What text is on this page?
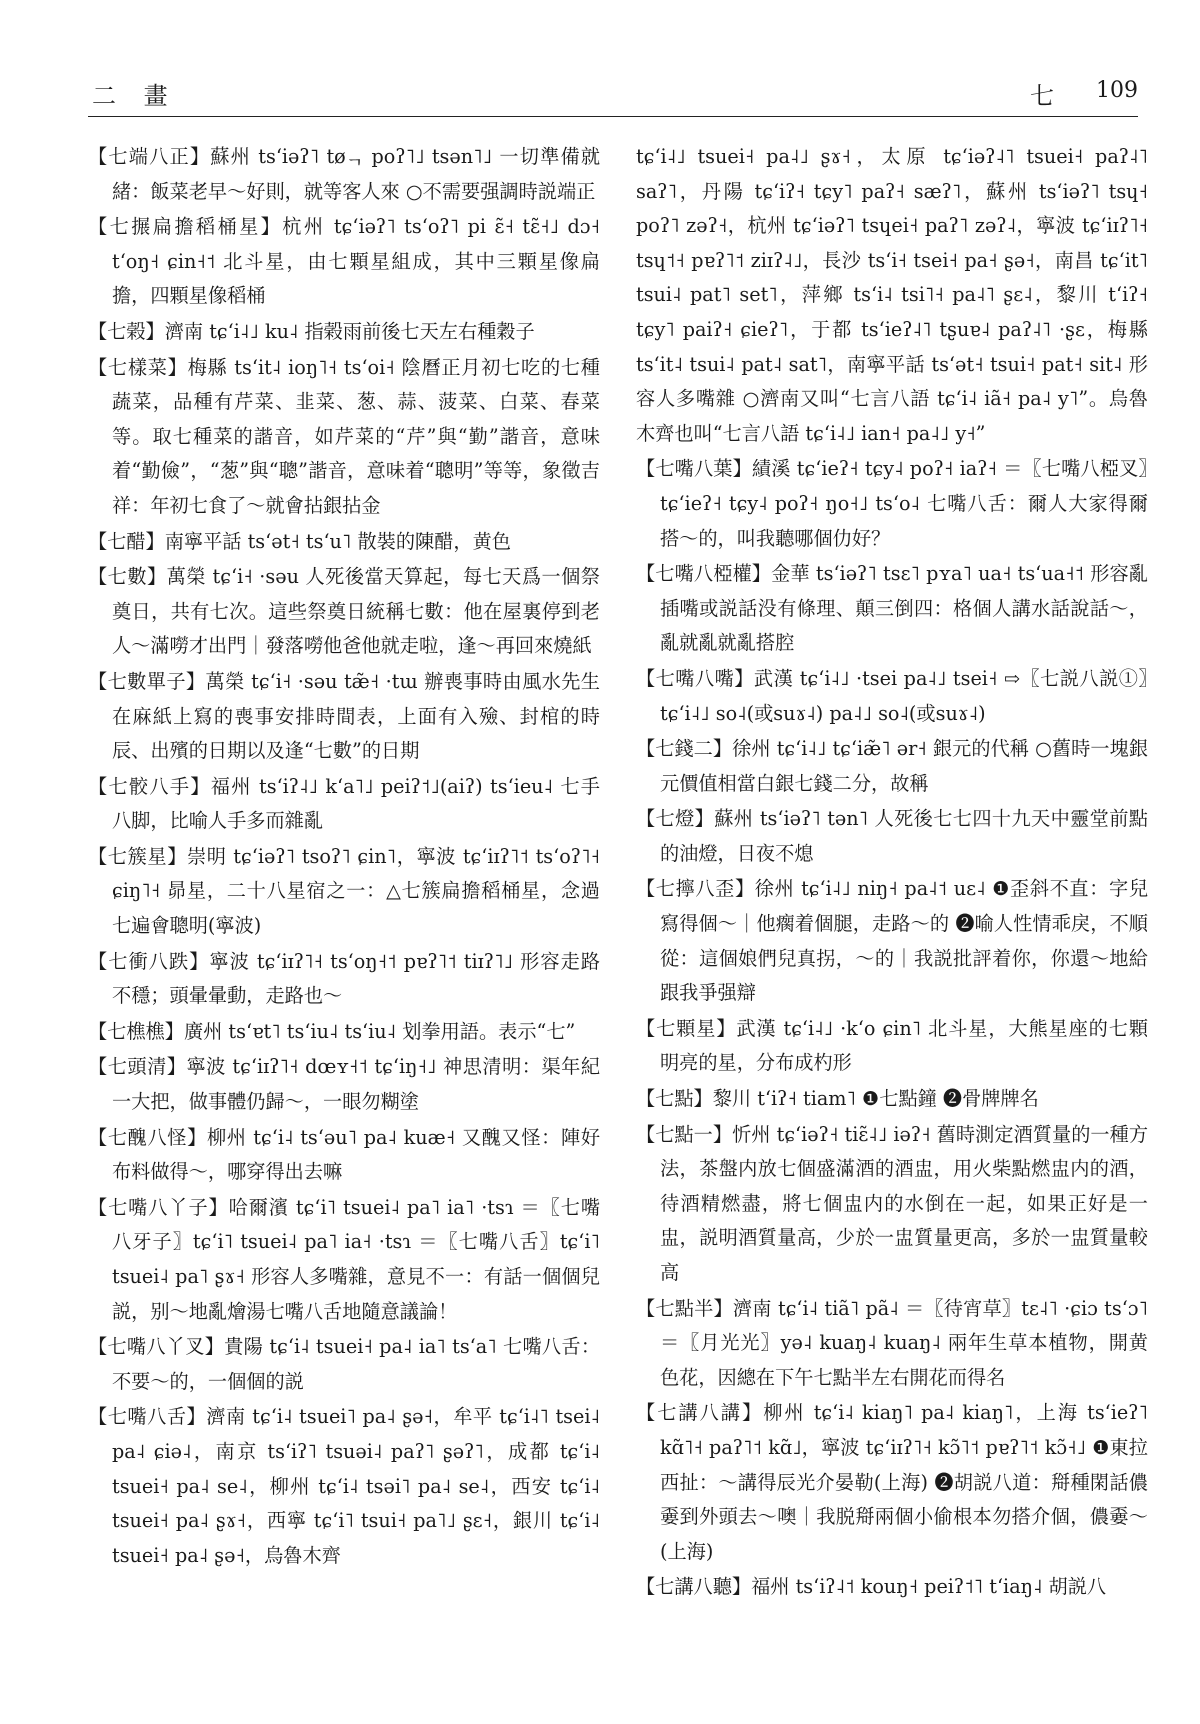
二 畫	七 109

【七端八正】蘇州 tsʻiəʔ˥ tøᆨ poʔ˥˩ tsən˥˩ 一切準備就緒：飯菜老早～好則，就等客人來 ○不需要强調時説端正

【七搌扁擔稻桶星】杭州 tɕʻiəʔ˥ tsʻoʔ˥ pi ɛ̃˧ tɛ̃˧˩ dɔ˧ tʻoŋ˧ ɕin˧˦ 北斗星，由七顆星組成，其中三顆星像扁擔，四顆星像稻桶

【七榖】濟南 tɕʻi˨˩ ku˨ 指榖雨前後七天左右種穀子

【七樣菜】梅縣 tsʻit˨ ioŋ˥˧ tsʻoi˧ 陰曆正月初七吃的七種蔬菜，品種有芹菜、韭菜、葱、蒜、菠菜、白菜、春菜等。取七種菜的諧音，如芹菜的“芹”與“勤”諧音，意味着“勤儉”，“葱”與“聰”諧音，意味着“聰明”等等，象徵吉祥：年初七食了～就會拈銀拈金

【七醋】南寧平話 tsʻət˧ tsʻu˥ 散裝的陳醋，黄色

【七數】萬榮 tɕʻi˧ ·səu 人死後當天算起，每七天爲一個祭奠日，共有七次。這些祭奠日統稱七數：他在屋裏停到老人～滿嘮才出門｜發落嘮他爸他就走啦，逢～再回來燒紙

【七數單子】萬榮 tɕʻi˧ ·səu tæ̃˧ ·tɯ 辦喪事時由風水先生在麻紙上寫的喪事安排時間表，上面有入殮、封棺的時辰、出殯的日期以及逢“七數”的日期

【七骹八手】福州 tsʻiʔ˨˩ kʻa˥˩ peiʔ˦˩(aiʔ) tsʻieu˨ 七手八脚，比喻人手多而雜亂

【七簇星】崇明 tɕʻiəʔ˥ tsoʔ˥ ɕin˥，寧波 tɕʻiɪʔ˥˦ tsʻoʔ˥˧ ɕiŋ˥˧ 昴星，二十八星宿之一：△七簇扁擔稻桶星，念過七遍會聰明(寧波)

【七衝八跌】寧波 tɕʻiɪʔ˥˧ tsʻoŋ˧˦ pɐʔ˥˦ tiɪʔ˥˩ 形容走路不穩；頭暈暈動，走路也～

【七樵樵】廣州 tsʻɐt˥ tsʻiu˨ tsʻiu˨ 划拳用語。表示“七”

【七頭清】寧波 tɕʻiɪʔ˥˧ dœʏ˧˦ tɕʻiŋ˧˩ 神思清明：渠年紀一大把，做事體仍歸～，一眼勿糊塗

【七醜八怪】柳州 tɕʻi˨ tsʻəu˥ pa˨ kuæ˧ 又醜又怪：陣好布料做得～，哪穿得出去嘛

【七嘴八丫子】哈爾濱 tɕʻi˥ tsuei˨ pa˥ ia˥ ·tsɿ ＝〖七嘴八牙子〗tɕʻi˥ tsuei˨ pa˥ ia˧ ·tsɿ ＝〖七嘴八舌〗tɕʻi˥ tsuei˨ pa˥ ʂɤ˧ 形容人多嘴雜，意見不一：有話一個個兒説，别～地亂燴湯七嘴八舌地隨意議論！

【七嘴八丫叉】貴陽 tɕʻi˨ tsuei˧ pa˨ ia˥ tsʻa˥ 七嘴八舌：不要～的，一個個的説

【七嘴八舌】濟南 tɕʻi˨ tsuei˥ pa˨ ʂə˧，牟平 tɕʻi˨˥ tsei˨ pa˨ ɕiə˨，南京 tsʻiʔ˥ tsuəi˨ paʔ˥ ʂəʔ˥，成都 tɕʻi˨ tsuei˧ pa˨ se˨，柳州 tɕʻi˨ tsəi˥ pa˨ se˨，西安 tɕʻi˨ tsuei˧ pa˨ ʂɤ˧，西寧 tɕʻi˥ tsui˧ pa˥˩ ʂɛ˧，銀川 tɕʻi˨ tsuei˧ pa˨ ʂə˧，烏魯木齊

tɕʻi˨˩ tsuei˧ pa˨˩ ʂɤ˧，太原 tɕʻiəʔ˨˥ tsuei˧ paʔ˨˥ saʔ˥，丹陽 tɕʻiʔ˧ tɕy˥ paʔ˧ sæʔ˥，蘇州 tsʻiəʔ˥ tsɥ˧ poʔ˥ zəʔ˧，杭州 tɕʻiəʔ˥ tsɥei˧ paʔ˥ zəʔ˨，寧波 tɕʻiɪʔ˥˧ tsɥ˦˧ pɐʔ˥˦ ziɪʔ˨˩，長沙 tsʻi˧ tsei˧ pa˧ ʂə˧，南昌 tɕʻit˥ tsui˨ pat˥ set˥，萍鄉 tsʻi˨ tsi˥˧ pa˨˥ ʂɛ˨，黎川 tʻiʔ˧ tɕy˥ paiʔ˧ ɕieʔ˥，于都 tsʻieʔ˨˥ tʂuɐ˨ paʔ˨˥ ·ʂɛ，梅縣 tsʻit˨ tsui˨ pat˨ sat˥，南寧平話 tsʻət˧ tsui˧ pat˧ sit˨ 形容人多嘴雜 ○濟南又叫“七言八語 tɕʻi˨ iã˧ pa˨ y˥”。烏魯木齊也叫“七言八語 tɕʻi˨˩ ian˧ pa˨˩ y˧”

【七嘴八葉】績溪 tɕʻieʔ˧ tɕy˨ poʔ˧ iaʔ˧ ＝〖七嘴八椏叉〗tɕʻieʔ˧ tɕy˨ poʔ˧ ŋo˧˩ tsʻo˨ 七嘴八舌：爾人大家得爾搭～的，叫我聽哪個仂好？

【七嘴八椏權】金華 tsʻiəʔ˥ tsɛ˥ pʏa˥ ua˧ tsʻua˧˦ 形容亂插嘴或説話没有條理、顛三倒四：格個人講水話說話～，亂就亂就亂搭腔

【七嘴八嘴】武漢 tɕʻi˨˩ ·tsei pa˨˩ tsei˧ ⇨〖七説八説①〗tɕʻi˨˩ so˨(或suɤ˨) pa˨˩ so˨(或suɤ˨)

【七錢二】徐州 tɕʻi˨˩ tɕʻiæ̃˥ ər˧ 銀元的代稱 ○舊時一塊銀元價值相當白銀七錢二分，故稱

【七燈】蘇州 tsʻiəʔ˥ tən˥ 人死後七七四十九天中靈堂前點的油燈，日夜不熄

【七擰八歪】徐州 tɕʻi˨˩ niŋ˧ pa˨˦ uɛ˨ ❶歪斜不直：字兒寫得個～｜他瘸着個腿，走路～的 ❷喻人性情乖戾，不順從：這個娘們兒真拐，～的｜我説批評着你，你還～地給跟我爭强辯

【七顆星】武漢 tɕʻi˨˩ ·kʻo ɕin˥ 北斗星，大熊星座的七顆明亮的星，分布成杓形

【七點】黎川 tʻiʔ˧ tiam˥ ❶七點鐘 ❷骨牌牌名

【七點一】忻州 tɕʻiəʔ˧ tiɛ̃˨˩ iəʔ˧ 舊時測定酒質量的一種方法，茶盤内放七個盛滿酒的酒盅，用火柴點燃盅内的酒，待酒精燃盡，將七個盅内的水倒在一起，如果正好是一盅，説明酒質量高，少於一盅質量更高，多於一盅質量較高

【七點半】濟南 tɕʻi˨ tiã˥ pã˨ ＝〖待宵草〗tɛ˨˥ ·ɕiɔ tsʻɔ˥ ＝〖月光光〗yə˨ kuaŋ˨ kuaŋ˨ 兩年生草本植物，開黄色花，因總在下午七點半左右開花而得名

【七講八講】柳州 tɕʻi˨ kiaŋ˥ pa˨ kiaŋ˥，上海 tsʻieʔ˥ kɑ̃˥˧ paʔ˥˦ kɑ̃˩，寧波 tɕʻiɪʔ˥˧ kɔ̃˥˦ pɐʔ˥˦ kɔ̃˧˩ ❶東拉西扯：～講得辰光介晏勒(上海) ❷胡説八道：搿種閑話儂嫑到外頭去～噢｜我脱搿兩個小偷根本勿搭介個，儂嫑～(上海)

【七講八聽】福州 tsʻiʔ˨˦ kouŋ˧ peiʔ˦˥ tʻiaŋ˨ 胡説八
